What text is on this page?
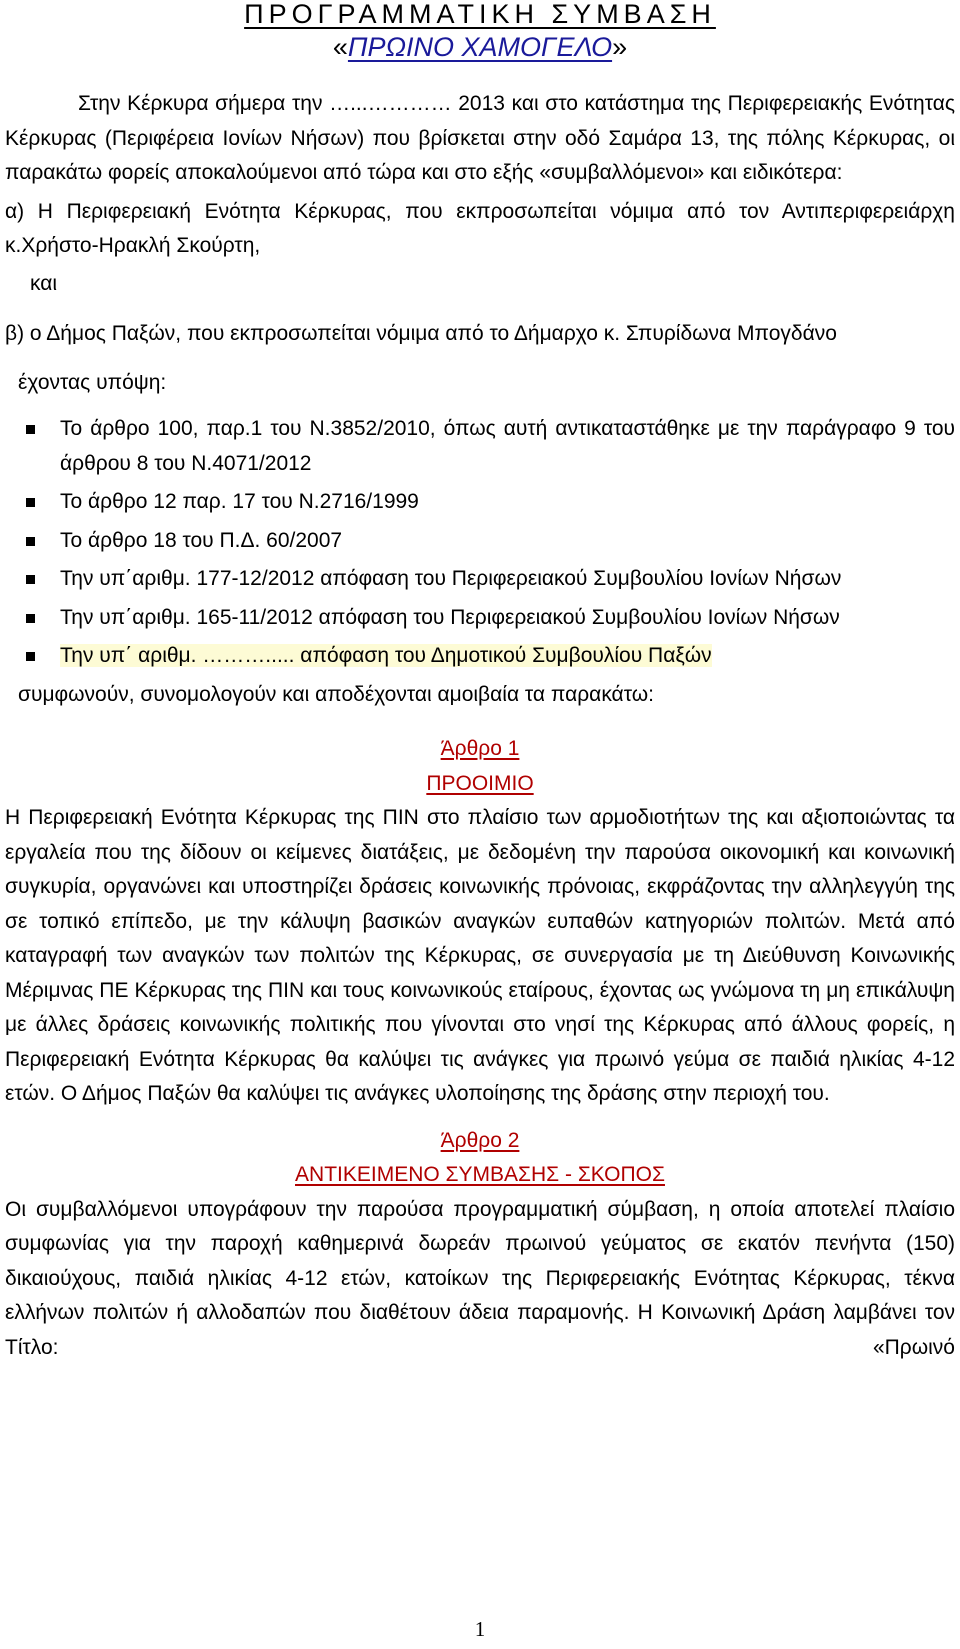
ΠΡΟΓΡΑΜΜΑΤΙΚΗ ΣΥΜΒΑΣΗ
«ΠΡΩΙΝΟ ΧΑΜΟΓΕΛΟ»

Στην Κέρκυρα σήμερα την …...………… 2013 και στο κατάστημα της Περιφερειακής Ενότητας Κέρκυρας (Περιφέρεια Ιονίων Νήσων) που βρίσκεται στην οδό Σαμάρα 13, της πόλης Κέρκυρας, οι παρακάτω φορείς αποκαλούμενοι από τώρα και στο εξής «συμβαλλόμενοι» και ειδικότερα:

α) Η Περιφερειακή Ενότητα Κέρκυρας, που εκπροσωπείται νόμιμα από τον Αντιπεριφερειάρχη κ.Χρήστο-Ηρακλή Σκούρτη,

και

β) ο Δήμος Παξών, που εκπροσωπείται νόμιμα από το Δήμαρχο κ. Σπυρίδωνα Μπογδάνο

έχοντας υπόψη:

Το άρθρο 100, παρ.1 του Ν.3852/2010, όπως αυτή αντικαταστάθηκε με την παράγραφο 9 του άρθρου 8 του Ν.4071/2012
Το άρθρο 12 παρ. 17 του Ν.2716/1999
Το άρθρο 18 του Π.Δ. 60/2007
Την υπ΄αριθμ. 177-12/2012 απόφαση του Περιφερειακού Συμβουλίου Ιονίων Νήσων
Την υπ΄αριθμ. 165-11/2012 απόφαση του Περιφερειακού Συμβουλίου Ιονίων Νήσων
Την υπ΄ αριθμ. ………..... απόφαση του Δημοτικού Συμβουλίου Παξών

συμφωνούν, συνομολογούν και αποδέχονται αμοιβαία τα παρακάτω:

Άρθρο 1

ΠΡΟΟΙΜΙΟ

Η Περιφερειακή Ενότητα Κέρκυρας της ΠΙΝ στο πλαίσιο των αρμοδιοτήτων της και αξιοποιώντας τα εργαλεία που της δίδουν οι κείμενες διατάξεις, με δεδομένη την παρούσα οικονομική και κοινωνική συγκυρία, οργανώνει και υποστηρίζει δράσεις κοινωνικής πρόνοιας, εκφράζοντας την αλληλεγγύη της σε τοπικό επίπεδο, με την κάλυψη βασικών αναγκών ευπαθών κατηγοριών πολιτών. Μετά από καταγραφή των αναγκών των πολιτών της Κέρκυρας, σε συνεργασία με τη Διεύθυνση Κοινωνικής Μέριμνας ΠΕ Κέρκυρας της ΠΙΝ και τους κοινωνικούς εταίρους, έχοντας ως γνώμονα τη μη επικάλυψη με άλλες δράσεις κοινωνικής πολιτικής που γίνονται στο νησί της Κέρκυρας από άλλους φορείς, η Περιφερειακή Ενότητα Κέρκυρας θα καλύψει τις ανάγκες για πρωινό γεύμα σε παιδιά ηλικίας 4-12 ετών. Ο Δήμος Παξών θα καλύψει τις ανάγκες υλοποίησης της δράσης στην περιοχή του.

Άρθρο 2

ΑΝΤΙΚΕΙΜΕΝΟ ΣΥΜΒΑΣΗΣ - ΣΚΟΠΟΣ

Οι συμβαλλόμενοι υπογράφουν την παρούσα προγραμματική σύμβαση, η οποία αποτελεί πλαίσιο συμφωνίας για την παροχή καθημερινά δωρεάν πρωινού γεύματος σε εκατόν πενήντα (150) δικαιούχους, παιδιά ηλικίας 4-12 ετών, κατοίκων της Περιφερειακής Ενότητας Κέρκυρας, τέκνα ελλήνων πολιτών ή αλλοδαπών που διαθέτουν άδεια παραμονής. Η Κοινωνική Δράση λαμβάνει τον Τίτλο: «Πρωινό

1
